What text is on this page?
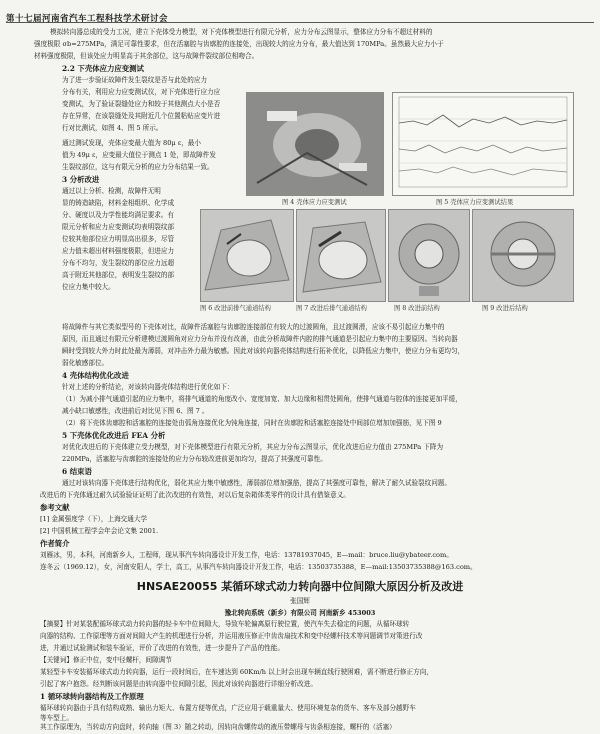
第十七届河南省汽车工程科技学术研讨会
模拟转向器总成的受力工况，建立下壳体受力模型，对下壳体模型进行有限元分析，应力分布云图显示，整体应力分布不超过材料的
强度极限 σb=275MPa，满足可靠性要求，但在活塞腔与齿廓腔的连接处，出现较大的应力分布，最大值达到 170MPa。虽然最大应力小于
材料强度极限，但该处应力明显高于其余部位，这与故障件裂纹部位相吻合。
2.2 下壳体应力应变测试
为了进一步验证故障件发生裂纹是否与此处的应力
分布有关，利用应力应变测试仪，对下壳体进行应力应
变测试，为了验证裂缝处应力和较于其他测点大小是否
存在异常，在该裂缝处及其附近几个位置粘贴应变片进
行对比测试，如图 4、图 5 所示。
通过测试发现，壳体应变最大值为 80μ ε，最小
值为 49μ ε，应变最大值位于测点 1 处，即故障件发
生裂纹部位，这与有限元分析的应力分布结果一致。
图 4 壳体应力应变测试	图 5 壳体应力应变测试结果
3 分析改进
通过以上分析、检测，故障件无明
显的铸造缺陷，材料金相组织、化学成
分、硬度以及力学性能均满足要求。有
限元分析和应力应变测试均表明裂纹部
位较其他部位应力明显高出很多，尽管
应力值未超出材料强度极限，但进应力
分布不均匀，发生裂纹的部位应力远超
高于附近其他部位，表明发生裂纹的部
位应力集中较大。
图 6 改进前排气通道结构	图 7 改进后排气通道结构	图 8 改进前结构	图 9 改进后结构
将故障件与其它类似型号的下壳体对比，故障件活塞腔与齿廓腔连接部位有较大的过渡圆角，且过渡圆滑，应该不易引起应力集中的
原因，而且通过有限元分析建模过渡圆角对应力分布并没有改善，由此分析故障件内腔的排气通道是引起应力集中的主要原因。当转向器
瞬时受到较大外力时此处最为薄弱，对冲击外力最为敏感。因此对该转向器壳体结构进行拓补优化，以降低应力集中，使应力分布更均匀，
弱化敏感部位。
4 壳体结构优化改进
针对上述的分析结论，对该转向器壳体结构进行优化如下：
（1）为减小排气通道引起的应力集中，将排气通道的角度改小、宽度加宽、加大边缘和相贯处圆角，使排气通道与腔体的连接更加平缓，
减小缺口敏感性，改进前后对比见下图 6、图 7 。
（2）将下壳体齿廓腔和活塞腔的连接处由弧角连接优化为钝角连接，同时在齿廓腔和活塞腔连接处中间部位增加加强筋，见下图 9
5 下壳体优化改进后 FEA 分析
对优化改进后的下壳体建立受力模型，对下壳体模型进行有限元分析，其应力分布云图显示，优化改进后应力值由 275MPa 下降为
220MPa，活塞腔与齿廓腔的连接处的应力分布较改进前更加均匀，提高了其强度可靠性。
6 结束语
通过对该转向器下壳体进行结构优化，弱化其应力集中敏感性，薄弱部位增加强筋，提高了其强度可靠性，解决了耐久试验裂纹问题。
改进后的下壳体通过耐久试验验证证明了此次改进的有效性，对以后复杂箱体类零件的设计具有借鉴意义。
参考文献
[1] 金属强度学（下），上海交通大学
[2] 中国机械工程学会年会论文集 2001.
作者简介
刘雁冰，男，本科，河南新乡人，工程师，现从事汽车转向器设计开发工作，电话：13781937045，E—mail：bruce.liu@ybateer.com。
连冬云（1969.12），女，河南安阳人，学士，高工，从事汽车转向器设计开发工作，电话：13503735388，E—mail:13503735388@163.com。
HNSAE20055 某循环球式动力转向器中位间隙大原因分析及改进
张国辉
豫北转向系统（新乡）有限公司 河南新乡 453003
【摘要】针对某装配循环球式动力转向器的轻卡车中位间隙大，导致车轮偏离原行驶位置，使汽车失去稳定的问题，从循环球转
向器的结构、工作原理等方面对间隙大产生的机理进行分析，并运用液压修正中齿齿扇技术和变中经螺杆技术等问题调节对策进行改
进，并通过试验测试和装车验证，评价了改进的有效性，进一步提升了产品的性能。
【关键词】修正中位，变中径螺杆，间隙调节
某轻型卡车安装循环球式动力转向器，运行一段时间后，在车速达到 60Km/h 以上时会出现车辆直线行驶困难，需不断进行修正方向，
引起了客户抱怨。经判断该问题是由转向器中位间隙引起，因此对该转向器进行详细分析改进。
1 循环球转向器结构及工作原理
循环球转向器由于具有结构成熟、输出力矩大、布置方便等优点，广泛应用于载重量大、使用环境复杂的货车、客车及部分越野车
等车型上。
其工作原理为，当转动方向盘时，转向轴（图 3）随之转动，因转向齿螺传动的液压带螺母与齿条相连接，螺杆的（活塞）
